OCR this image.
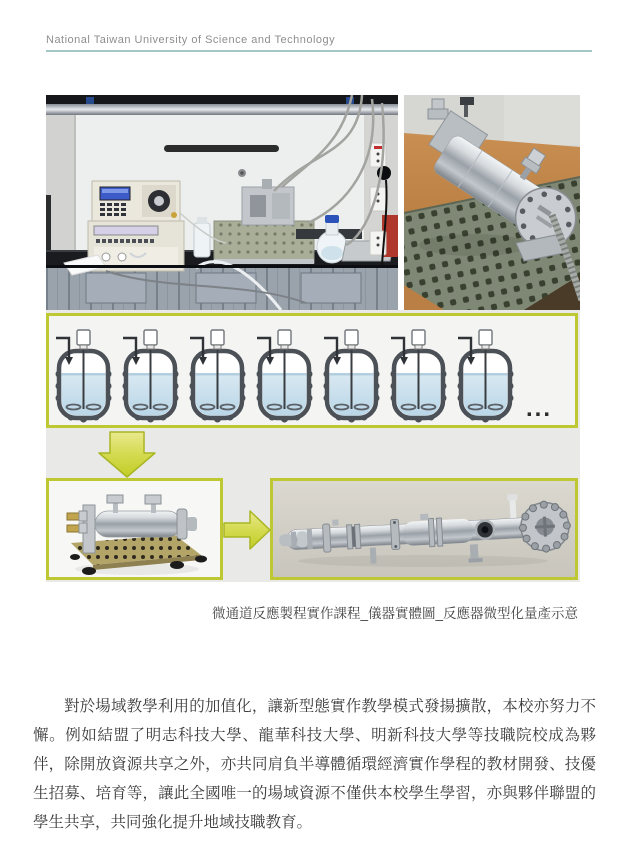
National Taiwan University of Science and Technology
...
微通道反應製程實作課程_儀器實體圖_反應器微型化量產示意

對於場域教學利用的加值化，讓新型態實作教學模式發揚擴散，本校亦努力不懈。例如結盟了明志科技大學、龍華科技大學、明新科技大學等技職院校成為夥伴，除開放資源共享之外，亦共同肩負半導體循環經濟實作學程的教材開發、技優生招募、培育等，讓此全國唯一的場域資源不僅供本校學生學習，亦與夥伴聯盟的學生共享，共同強化提升地域技職教育。
